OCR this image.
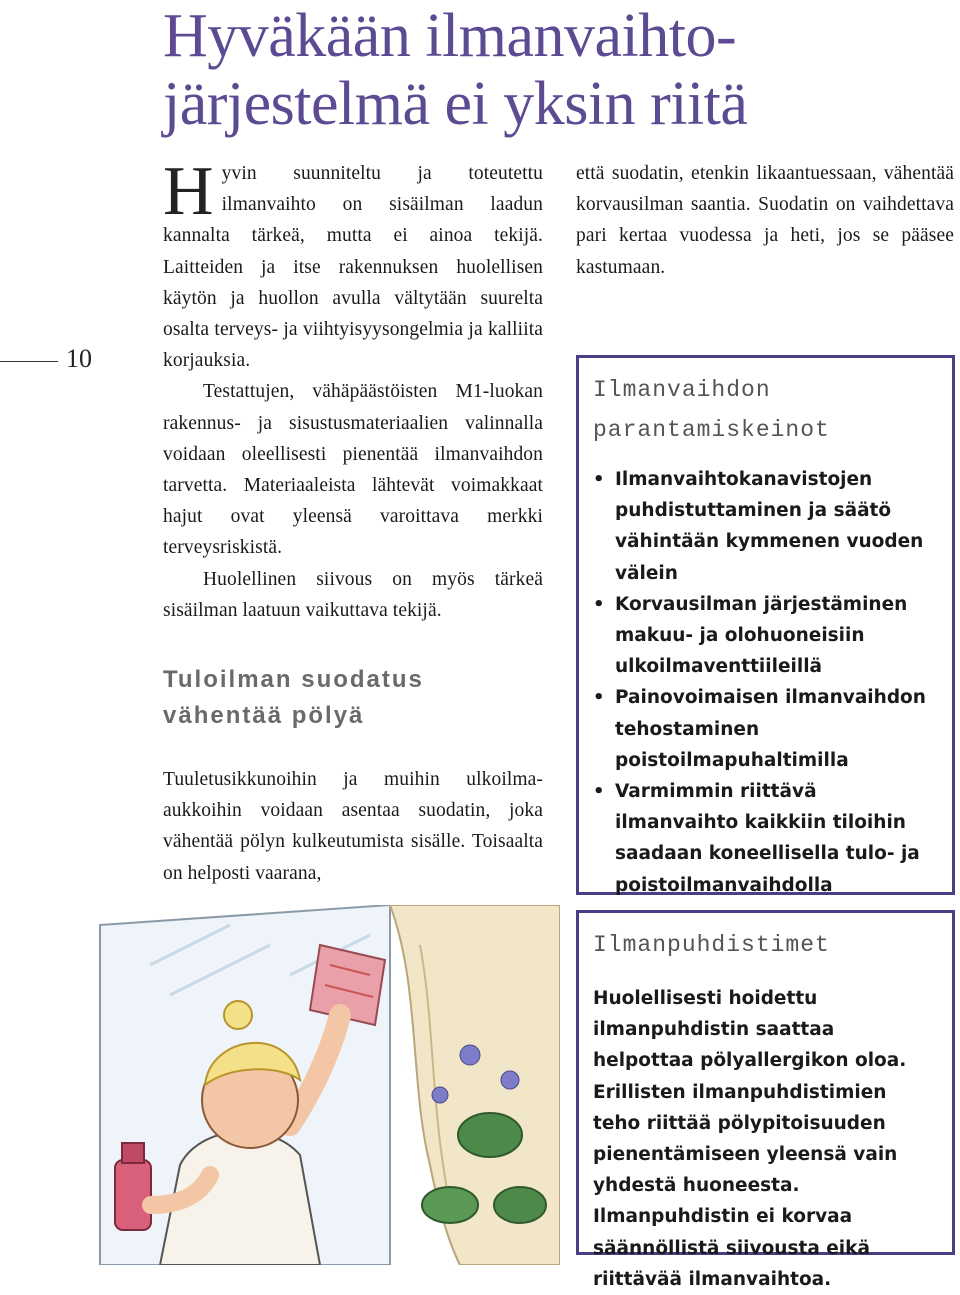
Hyväkään ilmanvaihto-
järjestelmä ei yksin riitä
10

Hyvin suunniteltu ja toteutettu ilmanvaihto on sisäilman laadun kannalta tärkeä, mutta ei ainoa tekijä. Laitteiden ja itse rakennuksen huolellisen käytön ja huollon avulla vältytään suurelta osalta terveys- ja viihtyisyysongelmia ja kalliita korjauksia.

Testattujen, vähäpäästöisten M1-luokan rakennus- ja sisustusmateriaalien valinnalla voidaan oleellisesti pienentää ilmanvaihdon tarvetta. Materiaaleista lähtevät voimakkaat hajut ovat yleensä varoittava merkki terveysriskistä.

Huolellinen siivous on myös tärkeä sisäilman laatuun vaikuttava tekijä.

Tuloilman suodatus
vähentää pölyä

Tuuletusikkunoihin ja muihin ulkoilma-aukkoihin voidaan asentaa suodatin, joka vähentää pölyn kulkeutumista sisälle. Toisaalta on helposti vaarana,

että suodatin, etenkin likaantuessaan, vähentää korvausilman saantia. Suodatin on vaihdettava pari kertaa vuodessa ja heti, jos se pääsee kastumaan.

Ilmanvaihdon
parantamiskeinot
• Ilmanvaihtokanavistojen puhdistuttaminen ja säätö vähintään kymmenen vuoden välein
• Korvausilman järjestäminen makuu- ja olohuoneisiin ulkoilmaventtiileillä
• Painovoimaisen ilmanvaihdon tehostaminen poistoilmapuhaltimilla
• Varmimmin riittävä ilmanvaihto kaikkiin tiloihin saadaan koneellisella tulo- ja poistoilmanvaihdolla
Ilmanpuhdistimet

Huolellisesti hoidettu ilmanpuhdistin saattaa helpottaa pölyallergikon oloa. Erillisten ilmanpuhdistimien teho riittää pölypitoisuuden pienentämiseen yleensä vain yhdestä huoneesta. Ilmanpuhdistin ei korvaa säännöllistä siivousta eikä riittävää ilmanvaihtoa.
